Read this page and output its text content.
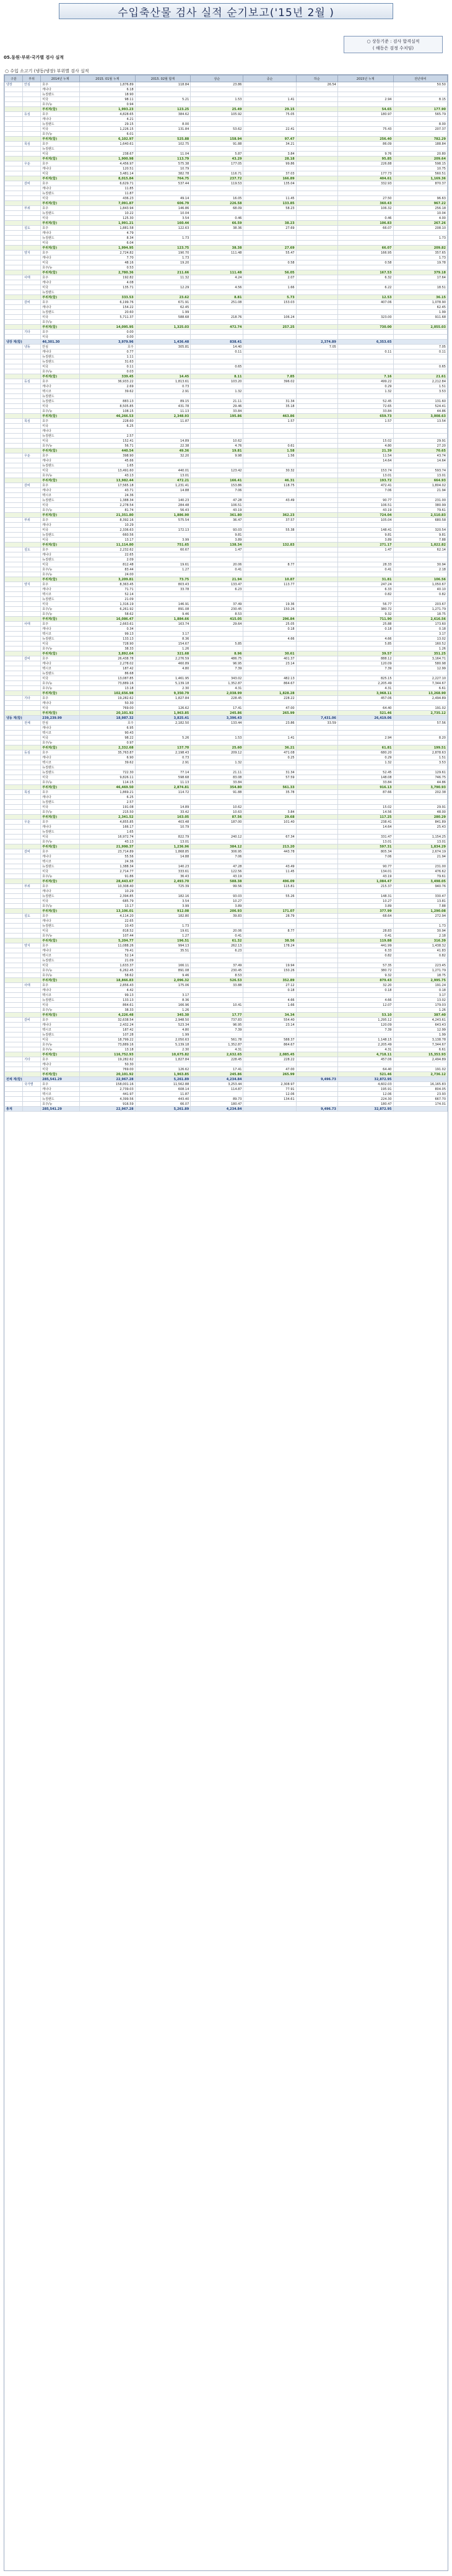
수입축산물 검사 실적 순기보고('15년 2월 )
○ 상동기준 : 검사 합격실적
( 해동은 검정 수치임)
05.동원·부위·국가별 검사 실적
○ 수입 소고기 (냉동/냉장) 부위별 검사 실적
구분	부위	2014년 누계	2015. 01월 누계	2015. 02월 합계	상순	중순	하순	2015년 누계	전년대비
냉장	안심	호주	1,876.89	118.84	23.86		26.54		50.50
		캐나다	6.18						
		뉴질랜드	18.90						
		미국	98.11	5.21	1.53	1.41		2.94	8.15
		호주/뉴	0.94						
		부위계(합)	1,993.23	123.25	25.49	29.15		54.65	177.90
	등심	호주	4,828.65	384.62	105.92	75.05		180.97	565.79
		캐나다	4.21						
		뉴질랜드	29.15	8.00					8.00
		미국	1,226.15	131.84	53.62	22.41		75.43	207.37
		호주/뉴	6.01						
		부위계(합)	6,102.97	525.88	158.94	97.47		256.40	782.29
	목심	호주	1,640.61	102.75	91.88	34.21		86.09	188.84
		뉴질랜드							
		미국	238.67	11.04	5.87	3.84		9.76	20.80
		부위계(합)	1,900.98	113.79	43.29	28.18		95.85	209.64
	우둔	호주	4,456.97	575.38	177.05	99.86		226.88	598.15
		캐나다	120.51	10.79					10.75
		미국	3,481.14	382.78	116.71	37.03		177.73	560.51
		부위계(합)	8,015.84	764.75	237.72	166.89		404.61	1,169.36
	갈비	호주	6,629.71	537.44	119.53	135.04		332.93	870.37
		캐나다	11.85						
		뉴질랜드	11.87						
		미국	436.23	49.14	16.05	11.45		27.50	96.63
		부위계(합)	7,091.87	606.79	226.58	133.85		360.43	967.22
	부위	호주	1,843.94	146.86	68.09	58.23		106.32	256.18
		뉴질랜드	10.22	10.04					10.04
		미국	125.30	3.54	0.46			0.46	4.00
		부위계(합)	1,991.21	160.44	66.59	38.23		106.83	267.26
	설도	호주	1,881.58	122.63	38.36	27.69		66.07	208.10
		캐나다	4.79						
		뉴질랜드	8.34	1.73					1.73
		미국	6.04						
		부위계(합)	1,994.95	123.75	38.38	27.69		66.07	209.82
	양지	호주	2,724.82	190.70	111.48	55.47		166.95	357.65
		캐나다	7.70	1.73					1.73
		미국	48.16	19.20		0.58		0.58	19.78
		호주/뉴	0.53						
		부위계(합)	2,780.36	211.66	111.48	56.05		167.53	379.18
	사태	호주	192.82	11.32	4.24	2.07		6.32	17.64
		캐나다	4.08						
		미국	135.71	12.29	4.56	1.66		6.22	18.51
		뉴질랜드							
		부위계(합)	333.53	23.62	8.81	5.73		12.53	36.15
	갈비	호주	6,199.76	671.91	251.08	153.03		407.06	1,078.90
		캐나다	154.22	62.45					62.45
		뉴질랜드	20.60	1.99					1.99
		미국	5,711.37	588.68	218.76	106.24		323.00	911.68
		호주/뉴							
		부위계(합)	14,095.95	1,325.03	472.74	257.25		730.00	2,055.03
	기타	호주	0.00						
		미국	0.00						
냉장 계(합)		46,301.30	3,979.96	1,436.48	838.41		2,374.89	6,353.65	
	냉동	안심	호주	305.81	14.40		7.05		7.05
		캐나다	0.77		0.11			0.11	0.11
		뉴질랜드	1.11						
		뉴질랜드	31.63						
		미국	0.11		0.65				0.65
		호주/뉴	0.03						
		부위계(합)	339.45	14.45	8.11	7.85		7.16	21.61
	등심	호주	36,933.22	1,813.61	103.20	396.02		499.22	2,212.84
		캐나다	2.69	0.73				0.29	1.51
		멕시코	39.62	2.91	1.32			1.32	3.53
		뉴질랜드							
		뉴질랜드	883.13	89.15	21.11	31.34		52.45	131.60
		미국	8,505.85	431.78	29.46	35.18		72.65	524.41
		호주/뉴	108.15	11.13	33.84			33.84	44.86
		부위계(합)	46,266.53	2,348.93	195.86	463.86		659.73	3,008.63
	목심	호주	228.60	11.87		1.57		1.57	13.54
		미국	6.25						
		캐나다							
		뉴질랜드	2.57						
		미국	152.41	14.89	10.62			15.02	29.91
		호주/뉴	56.71	22.38	4.76	0.61		4.80	27.20
		부위계(합)	440.54	49.36	19.81	1.58		21.39	70.65
	우둔	호주	398.90	32.20	9.98	1.56		11.54	43.74
		캐나다	45.66					14.64	14.64
		뉴질랜드	1.65						
		미국	13,491.60	440.01	123.42	30.32		153.74	593.74
		호주/뉴	43.13	13.01				13.01	13.01
		부위계(합)	13,982.44	472.21	166.41	46.31		193.72	664.93
	갈비	호주	17,565.18	1,231.41	153.86	118.75		472.41	1,804.02
		캐나다	43.71	14.88	7.06			7.06	21.94
		멕시코	24.36						
		뉴질랜드	1,388.34	140.23	47.28	43.49		90.77	231.00
		미국	2,278.54	284.48	106.51			106.51	380.99
		호주/뉴	81.74	56.43	43.19			43.19	79.61
		부위계(합)	21,351.80	1,886.90	361.80	362.23		724.04	2,510.83
	부위	호주	8,392.16	575.54	36.47	37.57		105.04	680.58
		캐나다	10.29						
		미국	2,336.63	172.13	93.03	55.38		148.41	320.54
		뉴질랜드	660.56		9.81			9.81	9.81
		미국	13.17	3.99	3.89			3.89	7.88
		부위계(합)	11,114.80	751.65	138.34	132.83		271.17	1,022.82
	설도	호주	2,232.62	60.67	1.47			1.47	62.14
		캐나다	22.65						
		뉴질랜드	2.09						
		미국	812.48	19.61	20.06	8.77		28.33	30.94
		호주/뉴	83.44	1.27	0.41			0.41	2.18
		호주/뉴	24.00						
		부위계(합)	3,209.81	73.75	21.94	10.87		31.81	106.56
	양지	호주	8,363.45	803.43	133.47	113.77		247.24	1,050.67
		캐나다	71.71	33.78	6.23			6.33	40.10
		멕시코	52.14					0.82	0.82
		뉴질랜드	21.09						
		미국	1,316.19	146.91	37.49	19.36		56.77	203.67
		호주/뉴	6,261.92	891.08	230.45	150.26		380.72	1,271.79
		호주/뉴	58.62	9.46	8.53			9.32	18.75
		부위계(합)	16,086.47	1,884.66	415.05	296.84		711.90	2,616.56
	사태	호주	2,663.61	163.74	29.64	25.05		25.88	173.60
		캐나다	0.34			0.18		0.18	0.18
		멕시코	99.13	3.17					3.17
		뉴질랜드	133.13	8.36		4.66		4.66	13.02
		미국	728.90	154.67	5.85			5.85	160.52
		호주/뉴	38.33	1.26					1.26
		부위계(합)	3,892.64	321.68	8.96	30.61		39.57	351.25
	갈비	호주	26,438.78	2,276.59	486.75	401.37		888.12	3,164.71
		캐나다	2,278.02	460.89	96.95	23.14		120.09	580.98
		멕시코	187.42	4.80	7.39			7.39	12.99
		뉴질랜드	86.68						
		미국	13,087.85	1,461.95	343.02	482.13		825.15	2,227.10
		호주/뉴	73,889.16	5,139.18	1,352.87	864.67		2,205.49	7,344.67
		호주/뉴	13.18	2.30	4.31			4.31	6.61
		부위계(합)	102,656.98	9,350.79	2,038.99	1,828.28		3,968.11	13,268.90
	기타	호주	19,282.62	1,827.84	228.45	228.22		457.06	2,494.89
		캐나다	50.30						
		미국	769.00	126.62	17.41	47.00		64.40	191.02
		부위계(합)	20,101.92	1,963.85	245.86	265.99		521.46	2,735.12
냉동 계(합)		239,239.99	18,987.32	3,825.41	3,396.43		7,431.06	26,419.06	
	전체	안심	호주	2,182.50	133.44	23.86	33.59		57.56
		캐나다	6.95						
		멕시코	90.43						
		미국	98.22	5.26	1.53	1.41		2.94	8.20
		호주/뉴	0.97						
		부위계(합)	2,332.68	137.70	25.60	36.21		61.81	199.51
	등심	호주	35,763.87	2,198.43	209.12	471.08		680.20	2,878.63
		캐나다	6.90	0.73		0.25		0.29	1.51
		멕시코	39.62	2.91	1.32			1.32	3.53
		뉴질랜드							
		뉴질랜드	722.30	77.14	21.11	31.34		52.45	129.61
		미국	9,826.11	598.68	83.08	57.59		148.08	746.75
		호주/뉴	114.15	11.13	33.84			33.84	44.86
		부위계(합)	46,469.50	2,874.81	354.80	561.33		916.13	3,790.93
	목심	호주	1,869.21	114.72	91.88	35.78		87.66	202.38
		캐나다	6.25						
		뉴질랜드	2.57						
		미국	191.08	14.89	10.62			15.02	29.91
		호주/뉴	215.50	33.42	10.63	3.84		14.56	48.00
		부위계(합)	2,341.52	163.05	87.56	29.68		117.25	280.29
	우둔	호주	4,855.85	403.48	187.00	101.40		238.41	841.89
		캐나다	166.17	10.79				14.64	25.43
		뉴질랜드	1.65						
		미국	16,972.74	822.79	240.12	67.34		331.47	1,154.25
		호주/뉴	43.13	13.01				13.01	13.01
		부위계(합)	21,998.37	1,236.96	384.12	213.20		597.31	1,834.29
	갈비	호주	23,714.89	1,868.85	306.95	443.78		805.34	2,674.19
		캐나다	55.56	14.88	7.06			7.06	21.94
		멕시코	24.36						
		뉴질랜드	1,388.34	140.23	47.28	43.49		90.77	231.00
		미국	2,714.77	333.61	122.56	11.45		134.01	476.62
		호주/뉴	91.86	36.43	43.19			43.19	79.61
		부위계(합)	28,443.67	2,493.70	588.38	496.09		1,084.47	3,498.05
	부위	호주	10,308.40	725.39	99.56	115.81		215.37	940.76
		캐나다	10.29						
		뉴질랜드	2,394.85	182.16	93.03	55.26		148.31	330.47
		미국	685.79	3.54	10.27			10.27	13.81
		호주/뉴	13.17	3.99	3.89			3.89	7.88
		부위계(합)	13,106.01	912.08	206.93	171.07		377.99	1,290.08
	설도	호주	4,114.20	182.80	39.83	28.79		68.64	272.94
		캐나다	22.65						
		뉴질랜드	10.43	1.73					1.73
		미국	818.52	19.61	20.06	8.77		28.83	30.94
		호주/뉴	107.44	1.27	0.41			0.41	2.18
		부위계(합)	5,204.77	196.51	61.32	38.56		119.88	316.39
	양지	호주	11,088.26	994.13	262.13	178.24		441.99	1,438.32
		캐나다	79.41	35.51	6.23			6.33	41.83
		멕시코	52.14					0.82	0.82
		뉴질랜드	21.09						
		미국	1,633.37	166.11	37.49	19.94		57.35	223.45
		호주/뉴	6,262.45	891.08	230.45	150.26		380.72	1,271.79
		호주/뉴	58.62	9.46	8.53			9.32	18.75
		부위계(합)	18,866.83	2,096.32	526.53	352.89		879.43	2,995.75
	사태	호주	2,856.43	175.06	33.88	27.12		32.20	191.24
		캐나다	4.42			0.18		0.18	0.18
		멕시코	99.13	3.17					3.17
		뉴질랜드	133.13	8.36		4.66		4.66	13.02
		미국	864.61	166.96	10.41	1.66		12.07	179.03
		호주/뉴	38.33	1.26					1.26
		부위계(합)	4,226.48	345.30	17.77	34.34		53.10	387.40
	갈비	호주	32,638.54	2,948.50	737.83	554.40		1,295.12	4,243.61
		캐나다	2,432.24	523.34	96.95	23.14		120.09	643.43
		멕시코	187.42	4.80	7.39			7.39	12.99
		뉴질랜드	107.28	1.99					1.99
		미국	18,799.22	2,050.63	561.78	588.37		1,148.15	3,138.78
		호주/뉴	73,889.16	5,139.18	1,352.87	864.67		2,205.49	7,344.67
		호주/뉴	13.18	2.30	4.31			4.31	6.61
		부위계(합)	116,752.93	10,675.82	2,632.65	2,085.45		4,718.11	15,353.93
	기타	호주	19,282.62	1,827.84	228.45	228.22		457.06	2,494.89
		캐나다	50.30						
		미국	769.00	126.62	17.41	47.00		64.40	191.02
		부위계(합)	20,101.92	1,963.85	245.86	265.99		521.46	2,736.12
전체 계(합)		285,541.29	22,967.28	5,261.89	4,234.84		9,496.73	32,872.95	
	국가별	호주	158,001.16	11,562.88	3,253.44	2,308.97		4,602.03	16,165.83
		캐나다	2,739.03	608.14	114.87	77.91		195.91	804.05
		멕시코	441.97	11.87		12.06		12.06	23.93
		뉴질랜드	4,399.56	443.40	89.73	134.61		224.30	667.70
		호주/뉴	916.59	66.07	180.47			180.47	174.01
총계		285,541.29	22,967.28	5,261.89	4,234.84		9,496.73	32,872.95	
